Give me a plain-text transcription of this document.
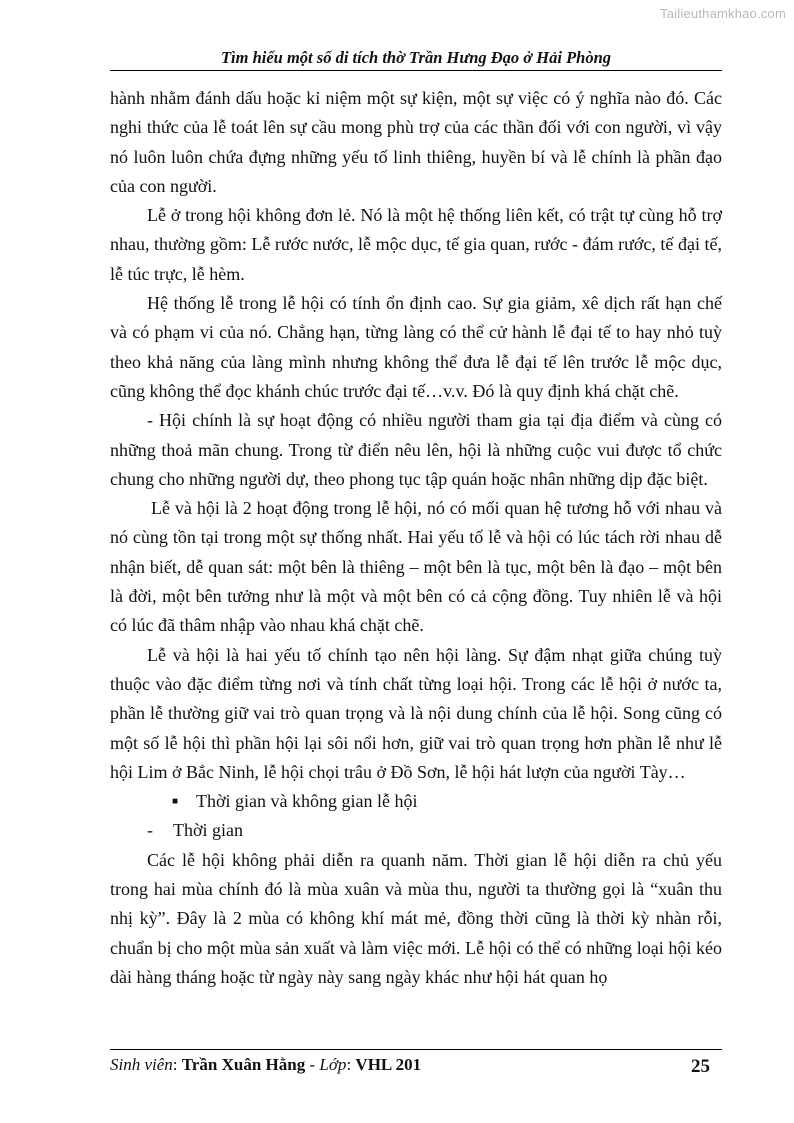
Tailieuthamkhao.com
Tìm hiểu một số di tích thờ Trần Hưng Đạo ở Hải Phòng

hành nhằm đánh dấu hoặc kỉ niệm một sự kiện, một sự việc có ý nghĩa nào đó. Các nghi thức của lễ toát lên sự cầu mong phù trợ của các thần đối với con người, vì vậy nó luôn luôn chứa đựng những yếu tố linh thiêng, huyền bí và lễ chính là phần đạo của con người.

Lễ ở trong hội không đơn lẻ. Nó là một hệ thống liên kết, có trật tự cùng hỗ trợ nhau, thường gồm: Lễ rước nước, lễ mộc dục, tế gia quan, rước - đám rước, tế đại tế, lễ túc trực, lễ hèm.

Hệ thống lễ trong lễ hội có tính ổn định cao. Sự gia giảm, xê dịch rất hạn chế và có phạm vi của nó. Chẳng hạn, từng làng có thể cử hành lễ đại tế to hay nhỏ tuỳ theo khả năng của làng mình nhưng không thể đưa lễ đại tế lên trước lễ mộc dục, cũng không thể đọc khánh chúc trước đại tế…v.v. Đó là quy định khá chặt chẽ.

- Hội chính là sự hoạt động có nhiều người tham gia tại địa điểm và cùng có những thoả mãn chung. Trong từ điển nêu lên, hội là những cuộc vui được tổ chức chung cho những người dự, theo phong tục tập quán hoặc nhân những dịp đặc biệt.

Lễ và hội là 2 hoạt động trong lễ hội, nó có mối quan hệ tương hỗ với nhau và nó cùng tồn tại trong một sự thống nhất. Hai yếu tố lễ và hội có lúc tách rời nhau dễ nhận biết, dễ quan sát: một bên là thiêng – một bên là tục, một bên là đạo – một bên là đời, một bên tưởng như là một và một bên có cả cộng đồng. Tuy nhiên lễ và hội có lúc đã thâm nhập vào nhau khá chặt chẽ.

Lễ và hội là hai yếu tố chính tạo nên hội làng. Sự đậm nhạt giữa chúng tuỳ thuộc vào đặc điểm từng nơi và tính chất từng loại hội. Trong các lễ hội ở nước ta, phần lễ thường giữ vai trò quan trọng và là nội dung chính của lễ hội. Song cũng có một số lễ hội thì phần hội lại sôi nổi hơn, giữ vai trò quan trọng hơn phần lễ như lễ hội Lim ở Bắc Ninh, lễ hội chọi trâu ở Đồ Sơn, lễ hội hát lượn của người Tày…

■ Thời gian và không gian lễ hội

- Thời gian

Các lễ hội không phải diễn ra quanh năm. Thời gian lễ hội diễn ra chủ yếu trong hai mùa chính đó là mùa xuân và mùa thu, người ta thường gọi là “xuân thu nhị kỳ”. Đây là 2 mùa có không khí mát mẻ, đồng thời cũng là thời kỳ nhàn rỗi, chuẩn bị cho một mùa sản xuất và làm việc mới. Lễ hội có thể có những loại hội kéo dài hàng tháng hoặc từ ngày này sang ngày khác như hội hát quan họ

Sinh viên: Trần Xuân Hằng - Lớp: VHL 201	25
